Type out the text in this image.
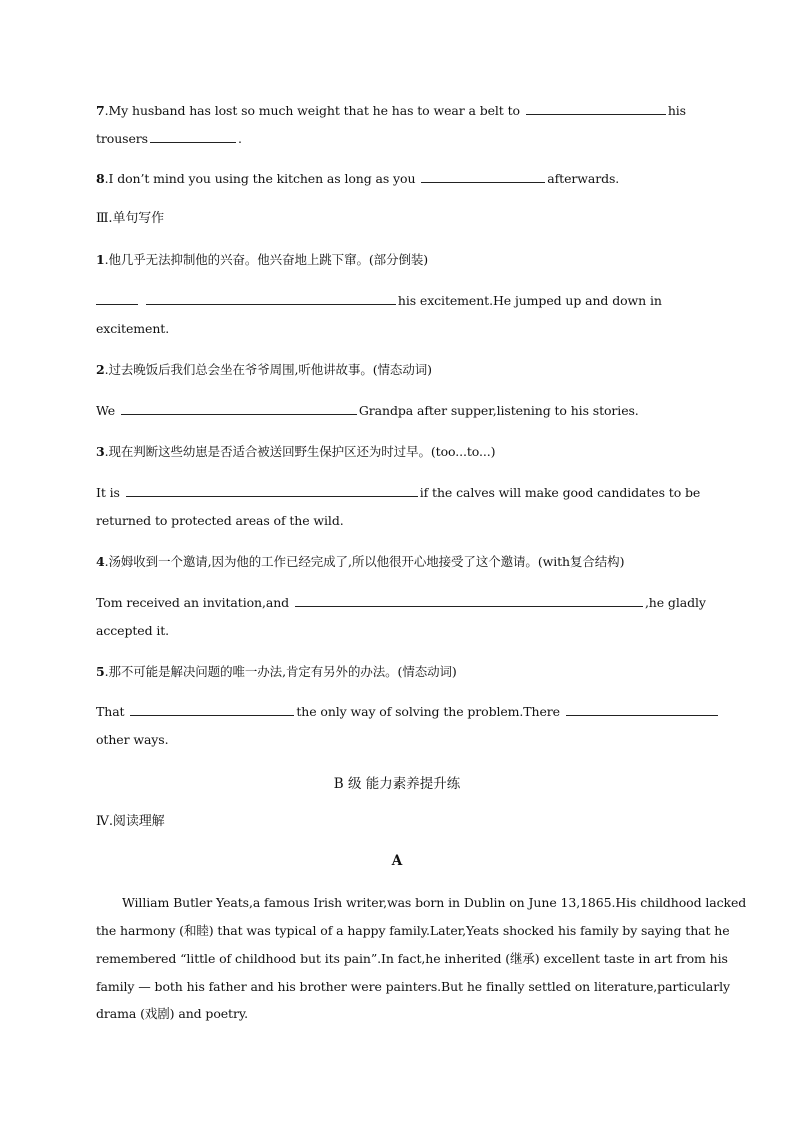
7.My husband has lost so much weight that he has to wear a belt to	his
trousers	.
8.I don’t mind you using the kitchen as long as you	afterwards.
Ⅲ.单句写作
1.他几乎无法抑制他的兴奋。他兴奋地上跳下窜。(部分倒装)
his excitement.He jumped up and down in
excitement.
2.过去晚饭后我们总会坐在爷爷周围,听他讲故事。(情态动词)
We	Grandpa after supper,listening to his stories.
3.现在判断这些幼崽是否适合被送回野生保护区还为时过早。(too...to...)
It is	if the calves will make good candidates to be
returned to protected areas of the wild.
4.汤姆收到一个邀请,因为他的工作已经完成了,所以他很开心地接受了这个邀请。(with复合结构)
Tom received an invitation,and	,he gladly
accepted it.
5.那不可能是解决问题的唯一办法,肯定有另外的办法。(情态动词)
That	the only way of solving the problem.There
other ways.
B 级 能力素养提升练
Ⅳ.阅读理解
A
William Butler Yeats,a famous Irish writer,was born in Dublin on June 13,1865.His childhood lacked
the harmony (和睦) that was typical of a happy family.Later,Yeats shocked his family by saying that he
remembered “little of childhood but its pain”.In fact,he inherited (继承) excellent taste in art from his
family — both his father and his brother were painters.But he finally settled on literature,particularly
drama (戏剧) and poetry.
